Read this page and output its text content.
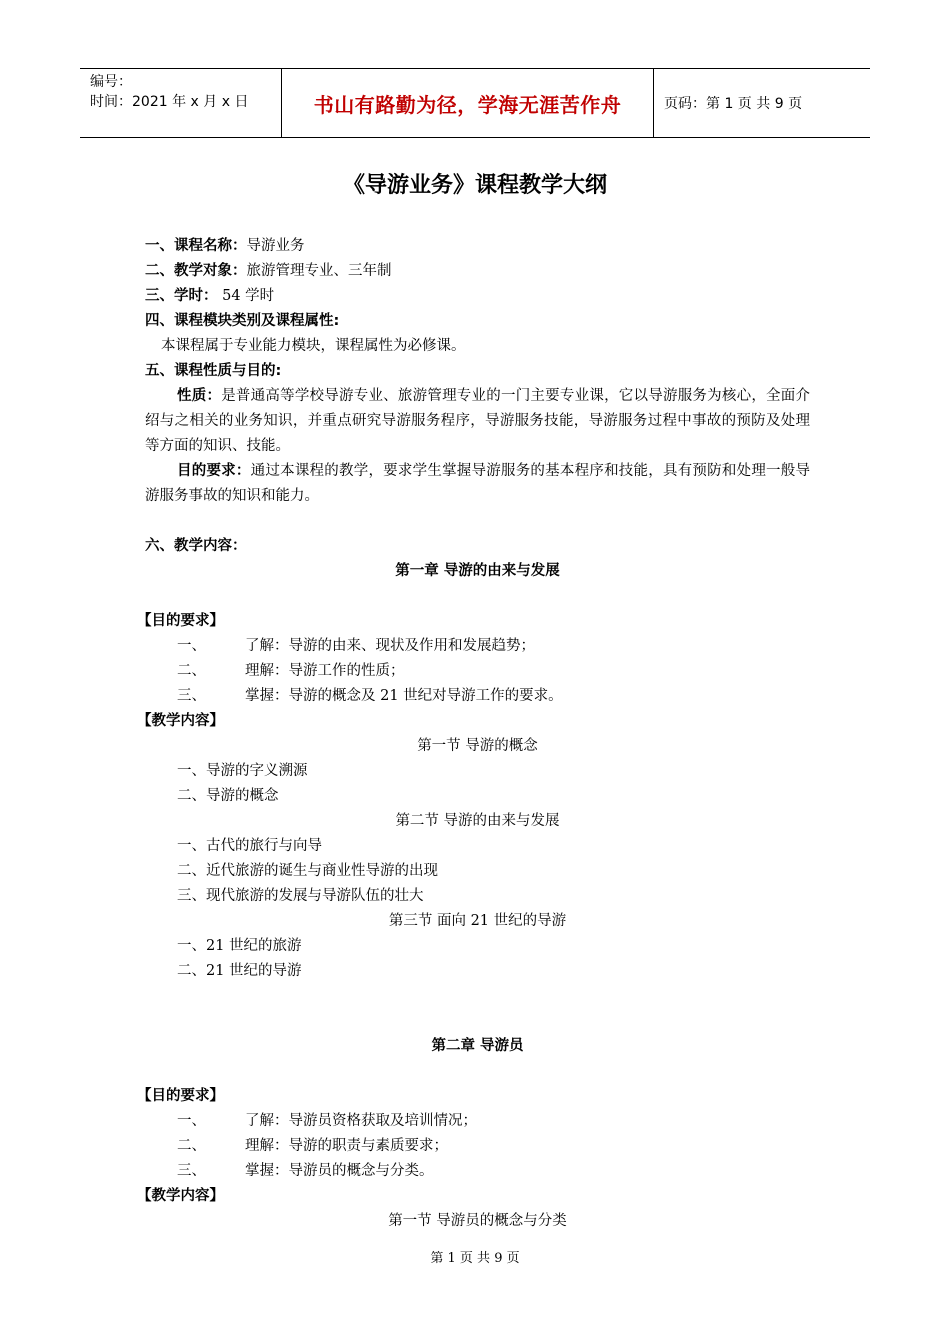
编号：
时间：2021 年 x 月 x 日	书山有路勤为径，学海无涯苦作舟	页码：第 1 页 共 9 页
《导游业务》课程教学大纲
一、课程名称：导游业务
二、教学对象：旅游管理专业、三年制
三、学时： 54 学时
四、课程模块类别及课程属性:
本课程属于专业能力模块，课程属性为必修课。
五、课程性质与目的:
性质：是普通高等学校导游专业、旅游管理专业的一门主要专业课，它以导游服务为核心，全面介绍与之相关的业务知识，并重点研究导游服务程序，导游服务技能，导游服务过程中事故的预防及处理等方面的知识、技能。
目的要求：通过本课程的教学，要求学生掌握导游服务的基本程序和技能，具有预防和处理一般导游服务事故的知识和能力。
六、教学内容：
第一章 导游的由来与发展
【目的要求】
一、	了解：导游的由来、现状及作用和发展趋势；
二、	理解：导游工作的性质；
三、	掌握：导游的概念及 21 世纪对导游工作的要求。
【教学内容】
第一节 导游的概念
一、导游的字义溯源
二、导游的概念
第二节 导游的由来与发展
一、古代的旅行与向导
二、近代旅游的诞生与商业性导游的出现
三、现代旅游的发展与导游队伍的壮大
第三节 面向 21 世纪的导游
一、21 世纪的旅游
二、21 世纪的导游
第二章 导游员
【目的要求】
一、	了解：导游员资格获取及培训情况；
二、	理解：导游的职责与素质要求；
三、	掌握：导游员的概念与分类。
【教学内容】
第一节 导游员的概念与分类
第 1 页 共 9 页
